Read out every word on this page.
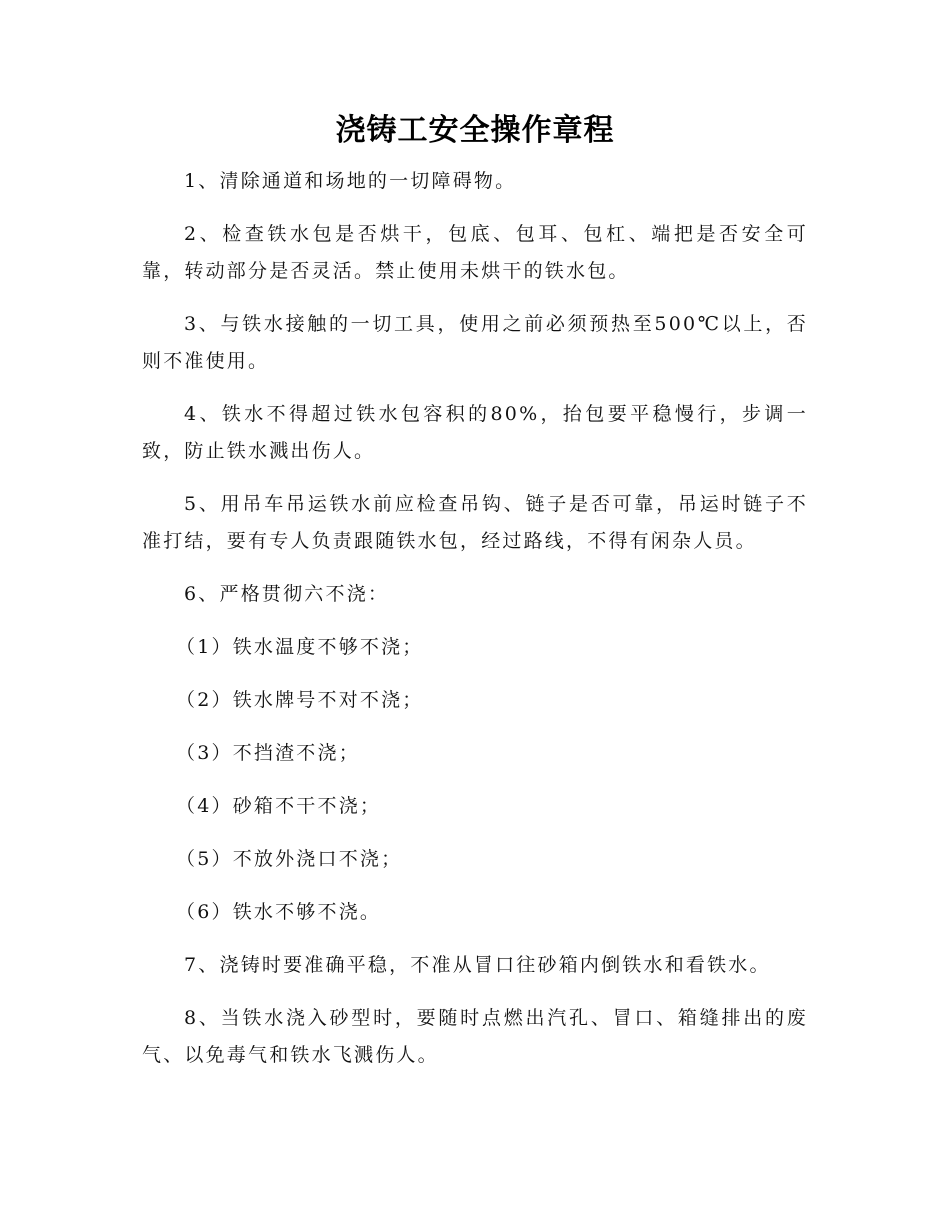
浇铸工安全操作章程

1、清除通道和场地的一切障碍物。

2、检查铁水包是否烘干，包底、包耳、包杠、端把是否安全可靠，转动部分是否灵活。禁止使用未烘干的铁水包。

3、与铁水接触的一切工具，使用之前必须预热至500℃以上，否则不准使用。

4、铁水不得超过铁水包容积的80%，抬包要平稳慢行，步调一致，防止铁水溅出伤人。

5、用吊车吊运铁水前应检查吊钩、链子是否可靠，吊运时链子不准打结，要有专人负责跟随铁水包，经过路线，不得有闲杂人员。

6、严格贯彻六不浇：

（1）铁水温度不够不浇；

（2）铁水牌号不对不浇；

（3）不挡渣不浇；

（4）砂箱不干不浇；

（5）不放外浇口不浇；

（6）铁水不够不浇。

7、浇铸时要准确平稳，不准从冒口往砂箱内倒铁水和看铁水。

8、当铁水浇入砂型时，要随时点燃出汽孔、冒口、箱缝排出的废气、以免毒气和铁水飞溅伤人。
